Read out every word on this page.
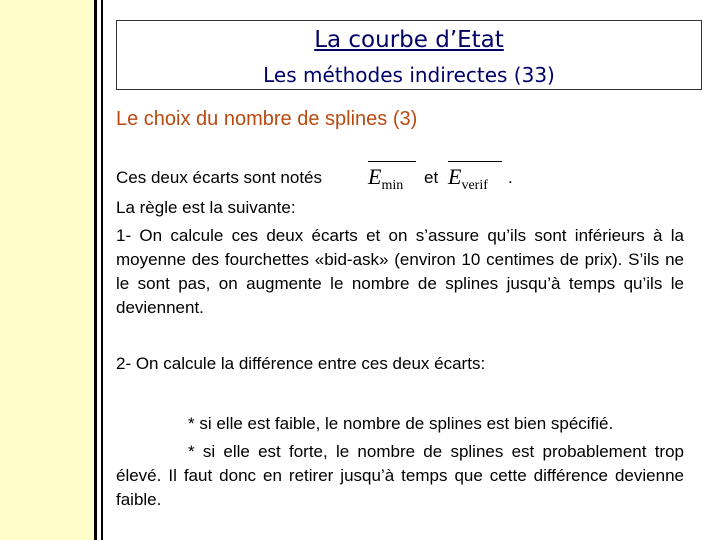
La courbe d’Etat
Les méthodes indirectes (33)
Le choix du nombre de splines (3)
Ces deux écarts sont notés $E_{min}$	et $E_{verif}$	.
La règle est la suivante:
1- On calcule ces deux écarts et on s’assure qu’ils sont inférieurs à la moyenne des fourchettes «bid-ask» (environ 10 centimes de prix). S’ils ne le sont pas, on augmente le nombre de splines jusqu’à temps qu’ils le deviennent.
2- On calcule la différence entre ces deux écarts:
* si elle est faible, le nombre de splines est bien spécifié.
* si elle est forte, le nombre de splines est probablement trop élevé. Il faut donc en retirer jusqu’à temps que cette différence devienne faible.
